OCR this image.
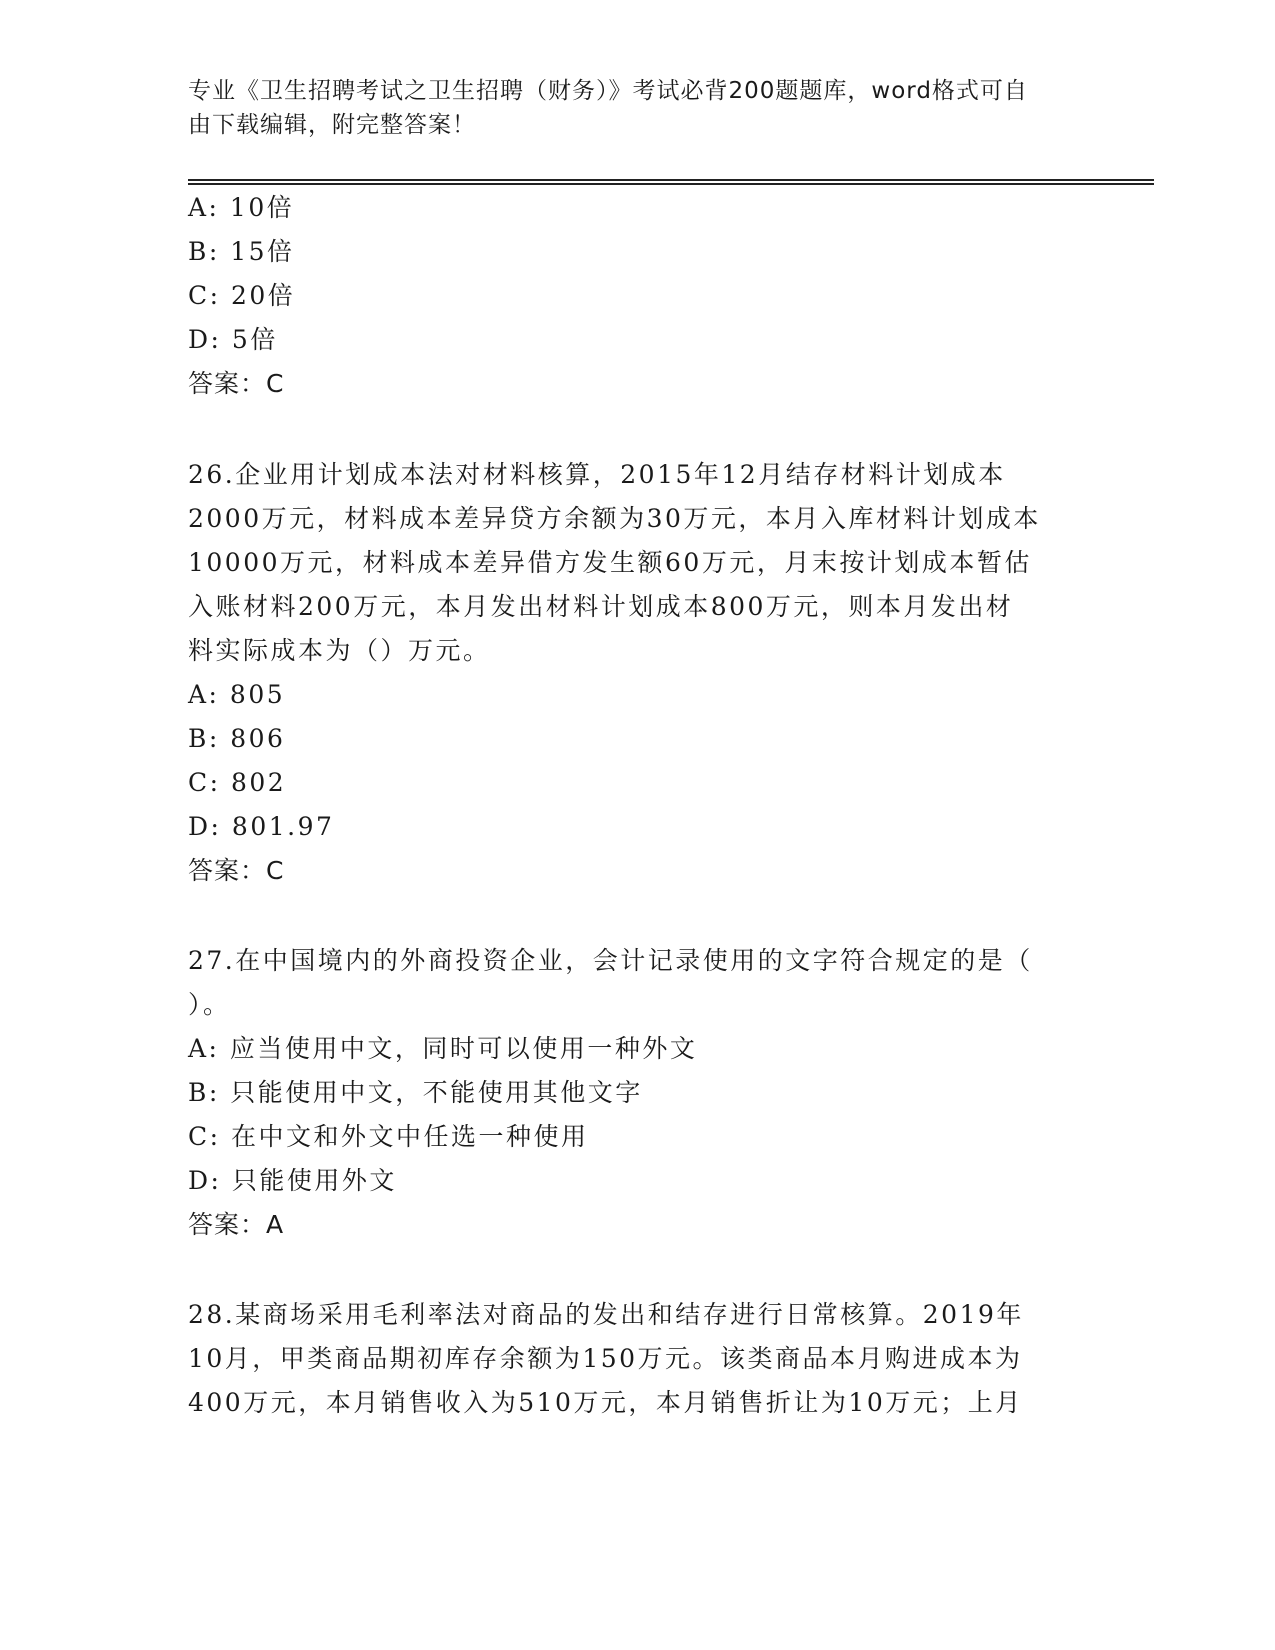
专业《卫生招聘考试之卫生招聘（财务）》考试必背200题题库，word格式可自
由下载编辑，附完整答案！
A: 10倍
B: 15倍
C: 20倍
D: 5倍
答案：C
26.企业用计划成本法对材料核算，2015年12月结存材料计划成本
2000万元，材料成本差异贷方余额为30万元，本月入库材料计划成本
10000万元，材料成本差异借方发生额60万元，月末按计划成本暂估
入账材料200万元，本月发出材料计划成本800万元，则本月发出材
料实际成本为（）万元。
A: 805
B: 806
C: 802
D: 801.97
答案：C
27.在中国境内的外商投资企业，会计记录使用的文字符合规定的是（
）。
A: 应当使用中文，同时可以使用一种外文
B: 只能使用中文，不能使用其他文字
C: 在中文和外文中任选一种使用
D: 只能使用外文
答案：A
28.某商场采用毛利率法对商品的发出和结存进行日常核算。2019年
10月，甲类商品期初库存余额为150万元。该类商品本月购进成本为
400万元，本月销售收入为510万元，本月销售折让为10万元；上月
